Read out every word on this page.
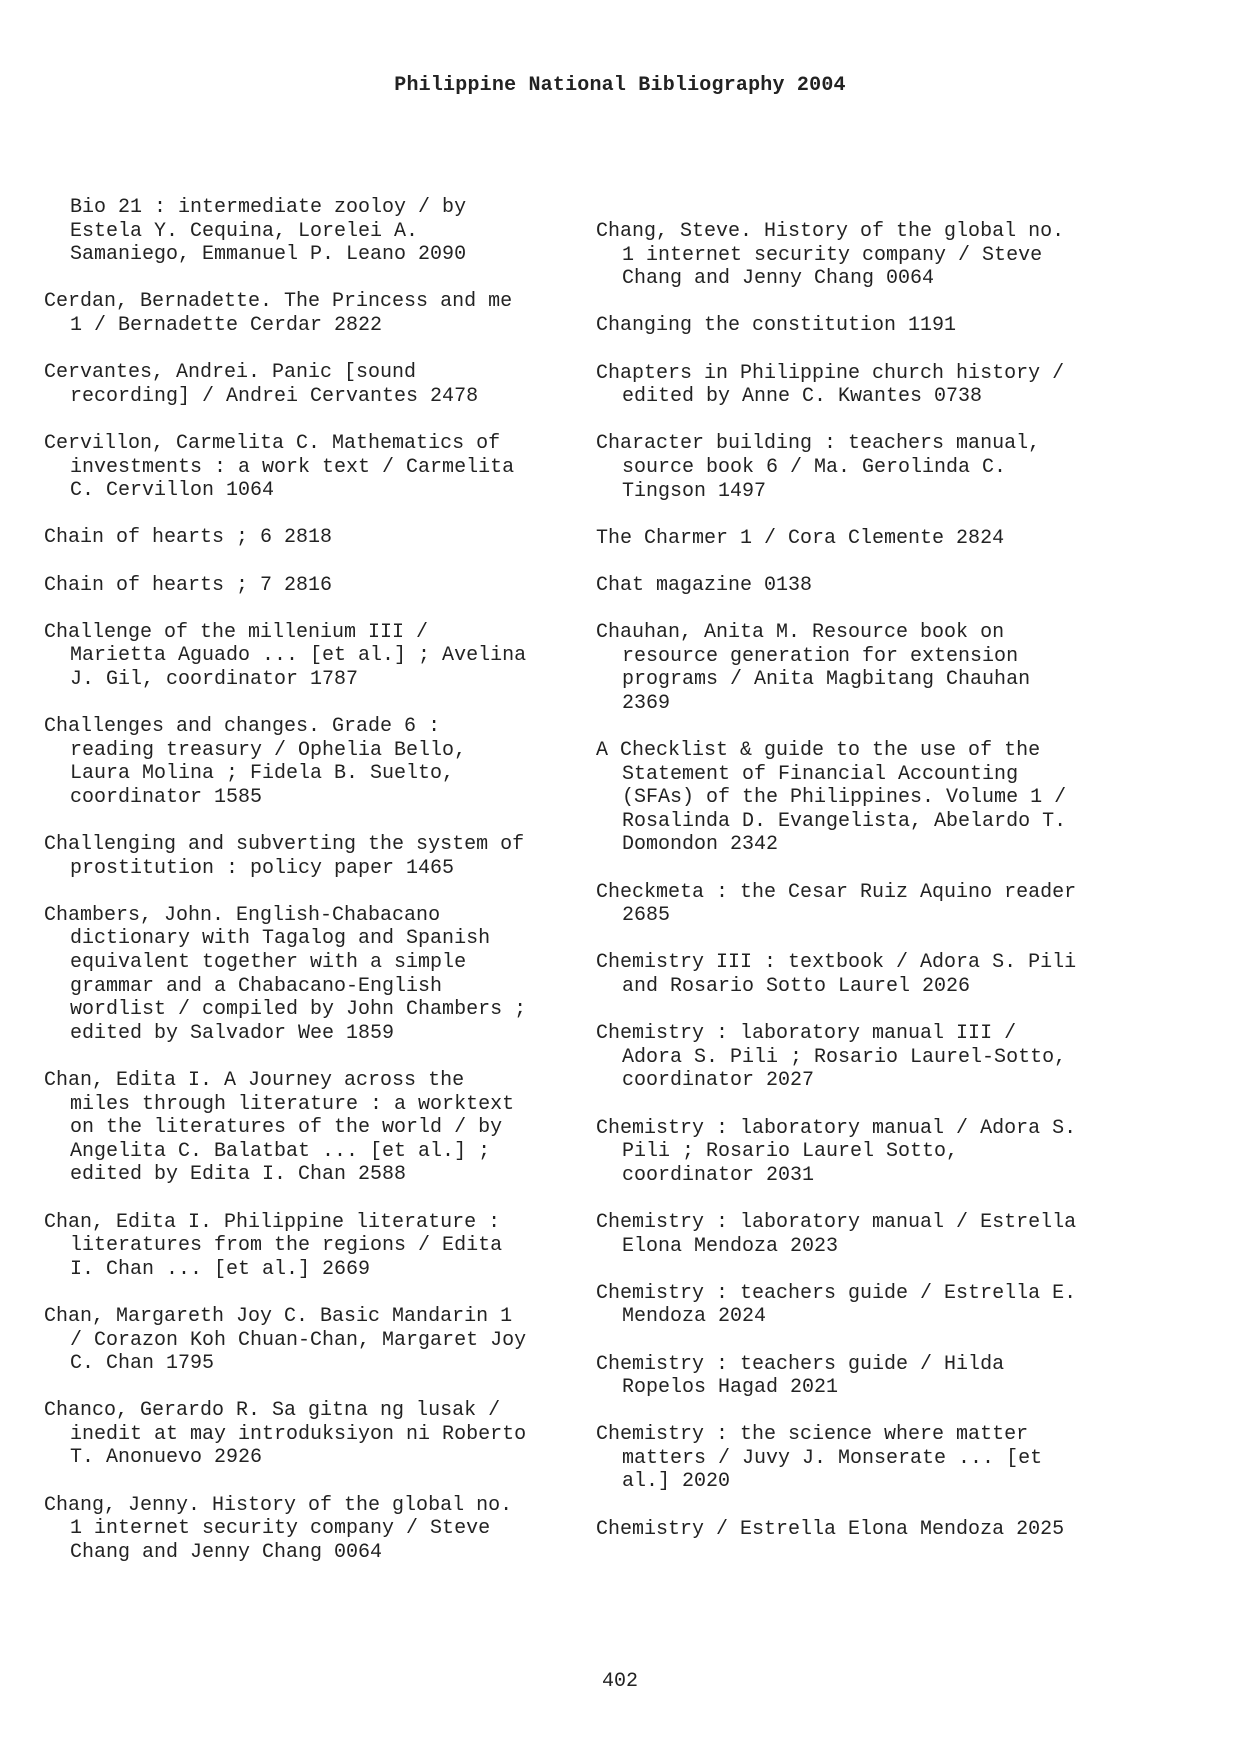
Philippine National Bibliography 2004
Bio 21 : intermediate zooloy / by
Estela Y. Cequina, Lorelei A.
Samaniego, Emmanuel P. Leano 2090
Cerdan, Bernadette. The Princess and me
1 / Bernadette Cerdar 2822
Cervantes, Andrei. Panic [sound
recording] / Andrei Cervantes 2478
Cervillon, Carmelita C. Mathematics of
investments : a work text / Carmelita
C. Cervillon 1064
Chain of hearts ; 6 2818
Chain of hearts ; 7 2816
Challenge of the millenium III /
Marietta Aguado ... [et al.] ; Avelina
J. Gil, coordinator 1787
Challenges and changes. Grade 6 :
reading treasury / Ophelia Bello,
Laura Molina ; Fidela B. Suelto,
coordinator 1585
Challenging and subverting the system of
prostitution : policy paper 1465
Chambers, John. English-Chabacano
dictionary with Tagalog and Spanish
equivalent together with a simple
grammar and a Chabacano-English
wordlist / compiled by John Chambers ;
edited by Salvador Wee 1859
Chan, Edita I. A Journey across the
miles through literature : a worktext
on the literatures of the world / by
Angelita C. Balatbat ... [et al.] ;
edited by Edita I. Chan 2588
Chan, Edita I. Philippine literature :
literatures from the regions / Edita
I. Chan ... [et al.] 2669
Chan, Margareth Joy C. Basic Mandarin 1
/ Corazon Koh Chuan-Chan, Margaret Joy
C. Chan 1795
Chanco, Gerardo R. Sa gitna ng lusak /
inedit at may introduksiyon ni Roberto
T. Anonuevo 2926
Chang, Jenny. History of the global no.
1 internet security company / Steve
Chang and Jenny Chang 0064
Chang, Steve. History of the global no.
1 internet security company / Steve
Chang and Jenny Chang 0064
Changing the constitution 1191
Chapters in Philippine church history /
edited by Anne C. Kwantes 0738
Character building : teachers manual,
source book 6 / Ma. Gerolinda C.
Tingson 1497
The Charmer 1 / Cora Clemente 2824
Chat magazine 0138
Chauhan, Anita M. Resource book on
resource generation for extension
programs / Anita Magbitang Chauhan
2369
A Checklist & guide to the use of the
Statement of Financial Accounting
(SFAs) of the Philippines. Volume 1 /
Rosalinda D. Evangelista, Abelardo T.
Domondon 2342
Checkmeta : the Cesar Ruiz Aquino reader
2685
Chemistry III : textbook / Adora S. Pili
and Rosario Sotto Laurel 2026
Chemistry : laboratory manual III /
Adora S. Pili ; Rosario Laurel-Sotto,
coordinator 2027
Chemistry : laboratory manual / Adora S.
Pili ; Rosario Laurel Sotto,
coordinator 2031
Chemistry : laboratory manual / Estrella
Elona Mendoza 2023
Chemistry : teachers guide / Estrella E.
Mendoza 2024
Chemistry : teachers guide / Hilda
Ropelos Hagad 2021
Chemistry : the science where matter
matters / Juvy J. Monserate ... [et
al.] 2020
Chemistry / Estrella Elona Mendoza 2025
402
